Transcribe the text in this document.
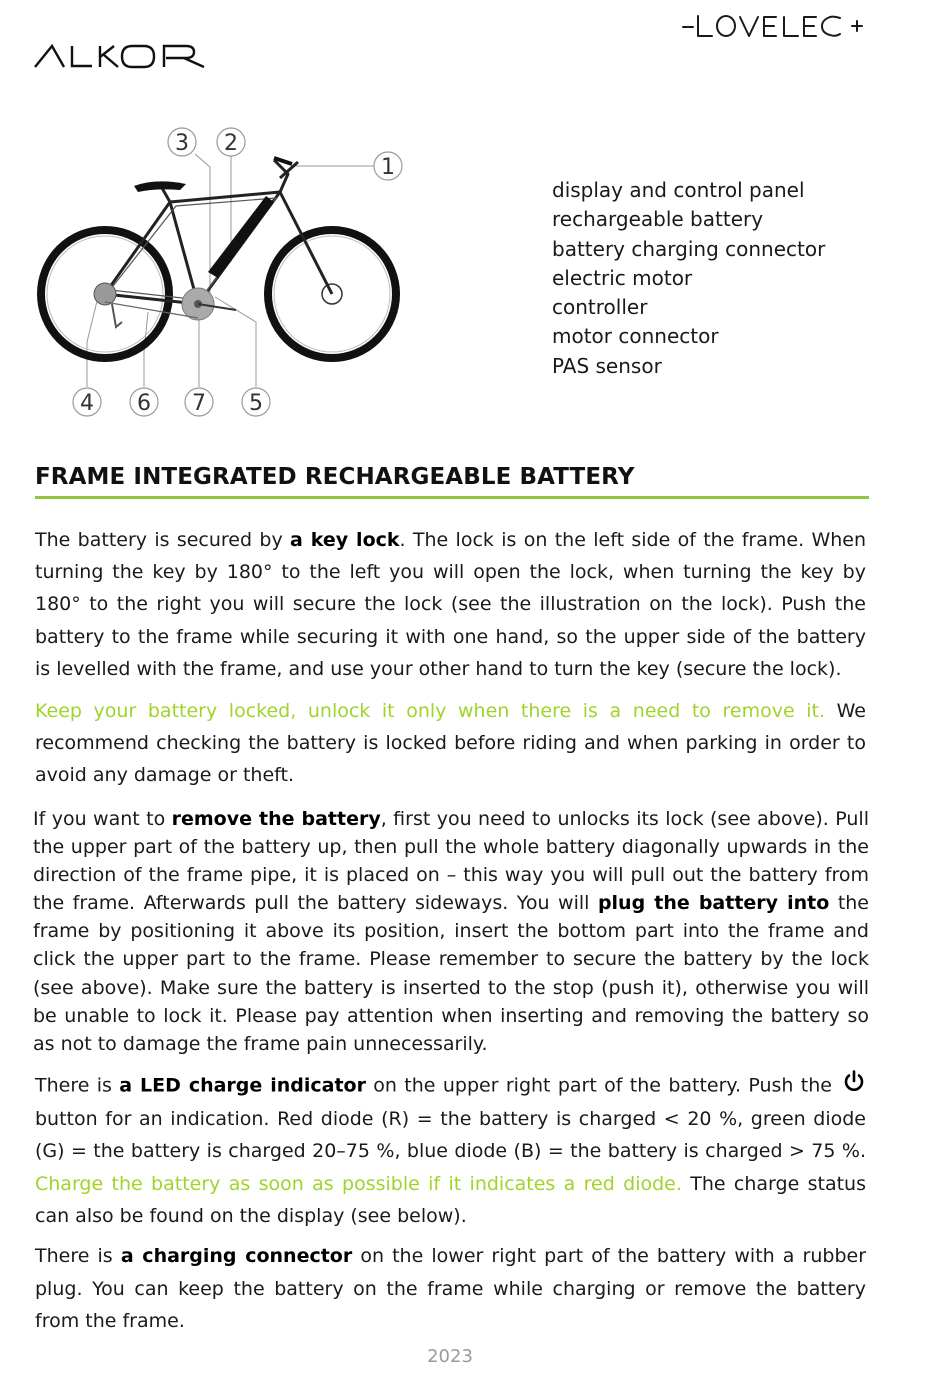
3 2
1
4 6 7 5
display and control panel
rechargeable battery
battery charging connector
electric motor
controller
motor connector
PAS sensor
FRAME INTEGRATED RECHARGEABLE BATTERY

The battery is secured by a key lock. The lock is on the left side of the frame. When turning the key by 180° to the left you will open the lock, when turning the key by 180° to the right you will secure the lock (see the illustration on the lock). Push the battery to the frame while securing it with one hand, so the upper side of the battery is levelled with the frame, and use your other hand to turn the key (secure the lock).

Keep your battery locked, unlock it only when there is a need to remove it. We recommend checking the battery is locked before riding and when parking in order to avoid any damage or theft.

If you want to remove the battery, first you need to unlocks its lock (see above). Pull the upper part of the battery up, then pull the whole battery diagonally upwards in the direction of the frame pipe, it is placed on – this way you will pull out the battery from the frame. Afterwards pull the battery sideways. You will plug the battery into the frame by positioning it above its position, insert the bottom part into the frame and click the upper part to the frame. Please remember to secure the battery by the lock (see above). Make sure the battery is inserted to the stop (push it), otherwise you will be unable to lock it. Please pay attention when inserting and removing the battery so as not to damage the frame pain unnecessarily.

There is a LED charge indicator on the upper right part of the battery. Push the button for an indication. Red diode (R) = the battery is charged < 20 %, green diode (G) = the battery is charged 20–75 %, blue diode (B) = the battery is charged > 75 %. Charge the battery as soon as possible if it indicates a red diode. The charge status can also be found on the display (see below).

There is a charging connector on the lower right part of the battery with a rubber plug. You can keep the battery on the frame while charging or remove the battery from the frame.

2023
